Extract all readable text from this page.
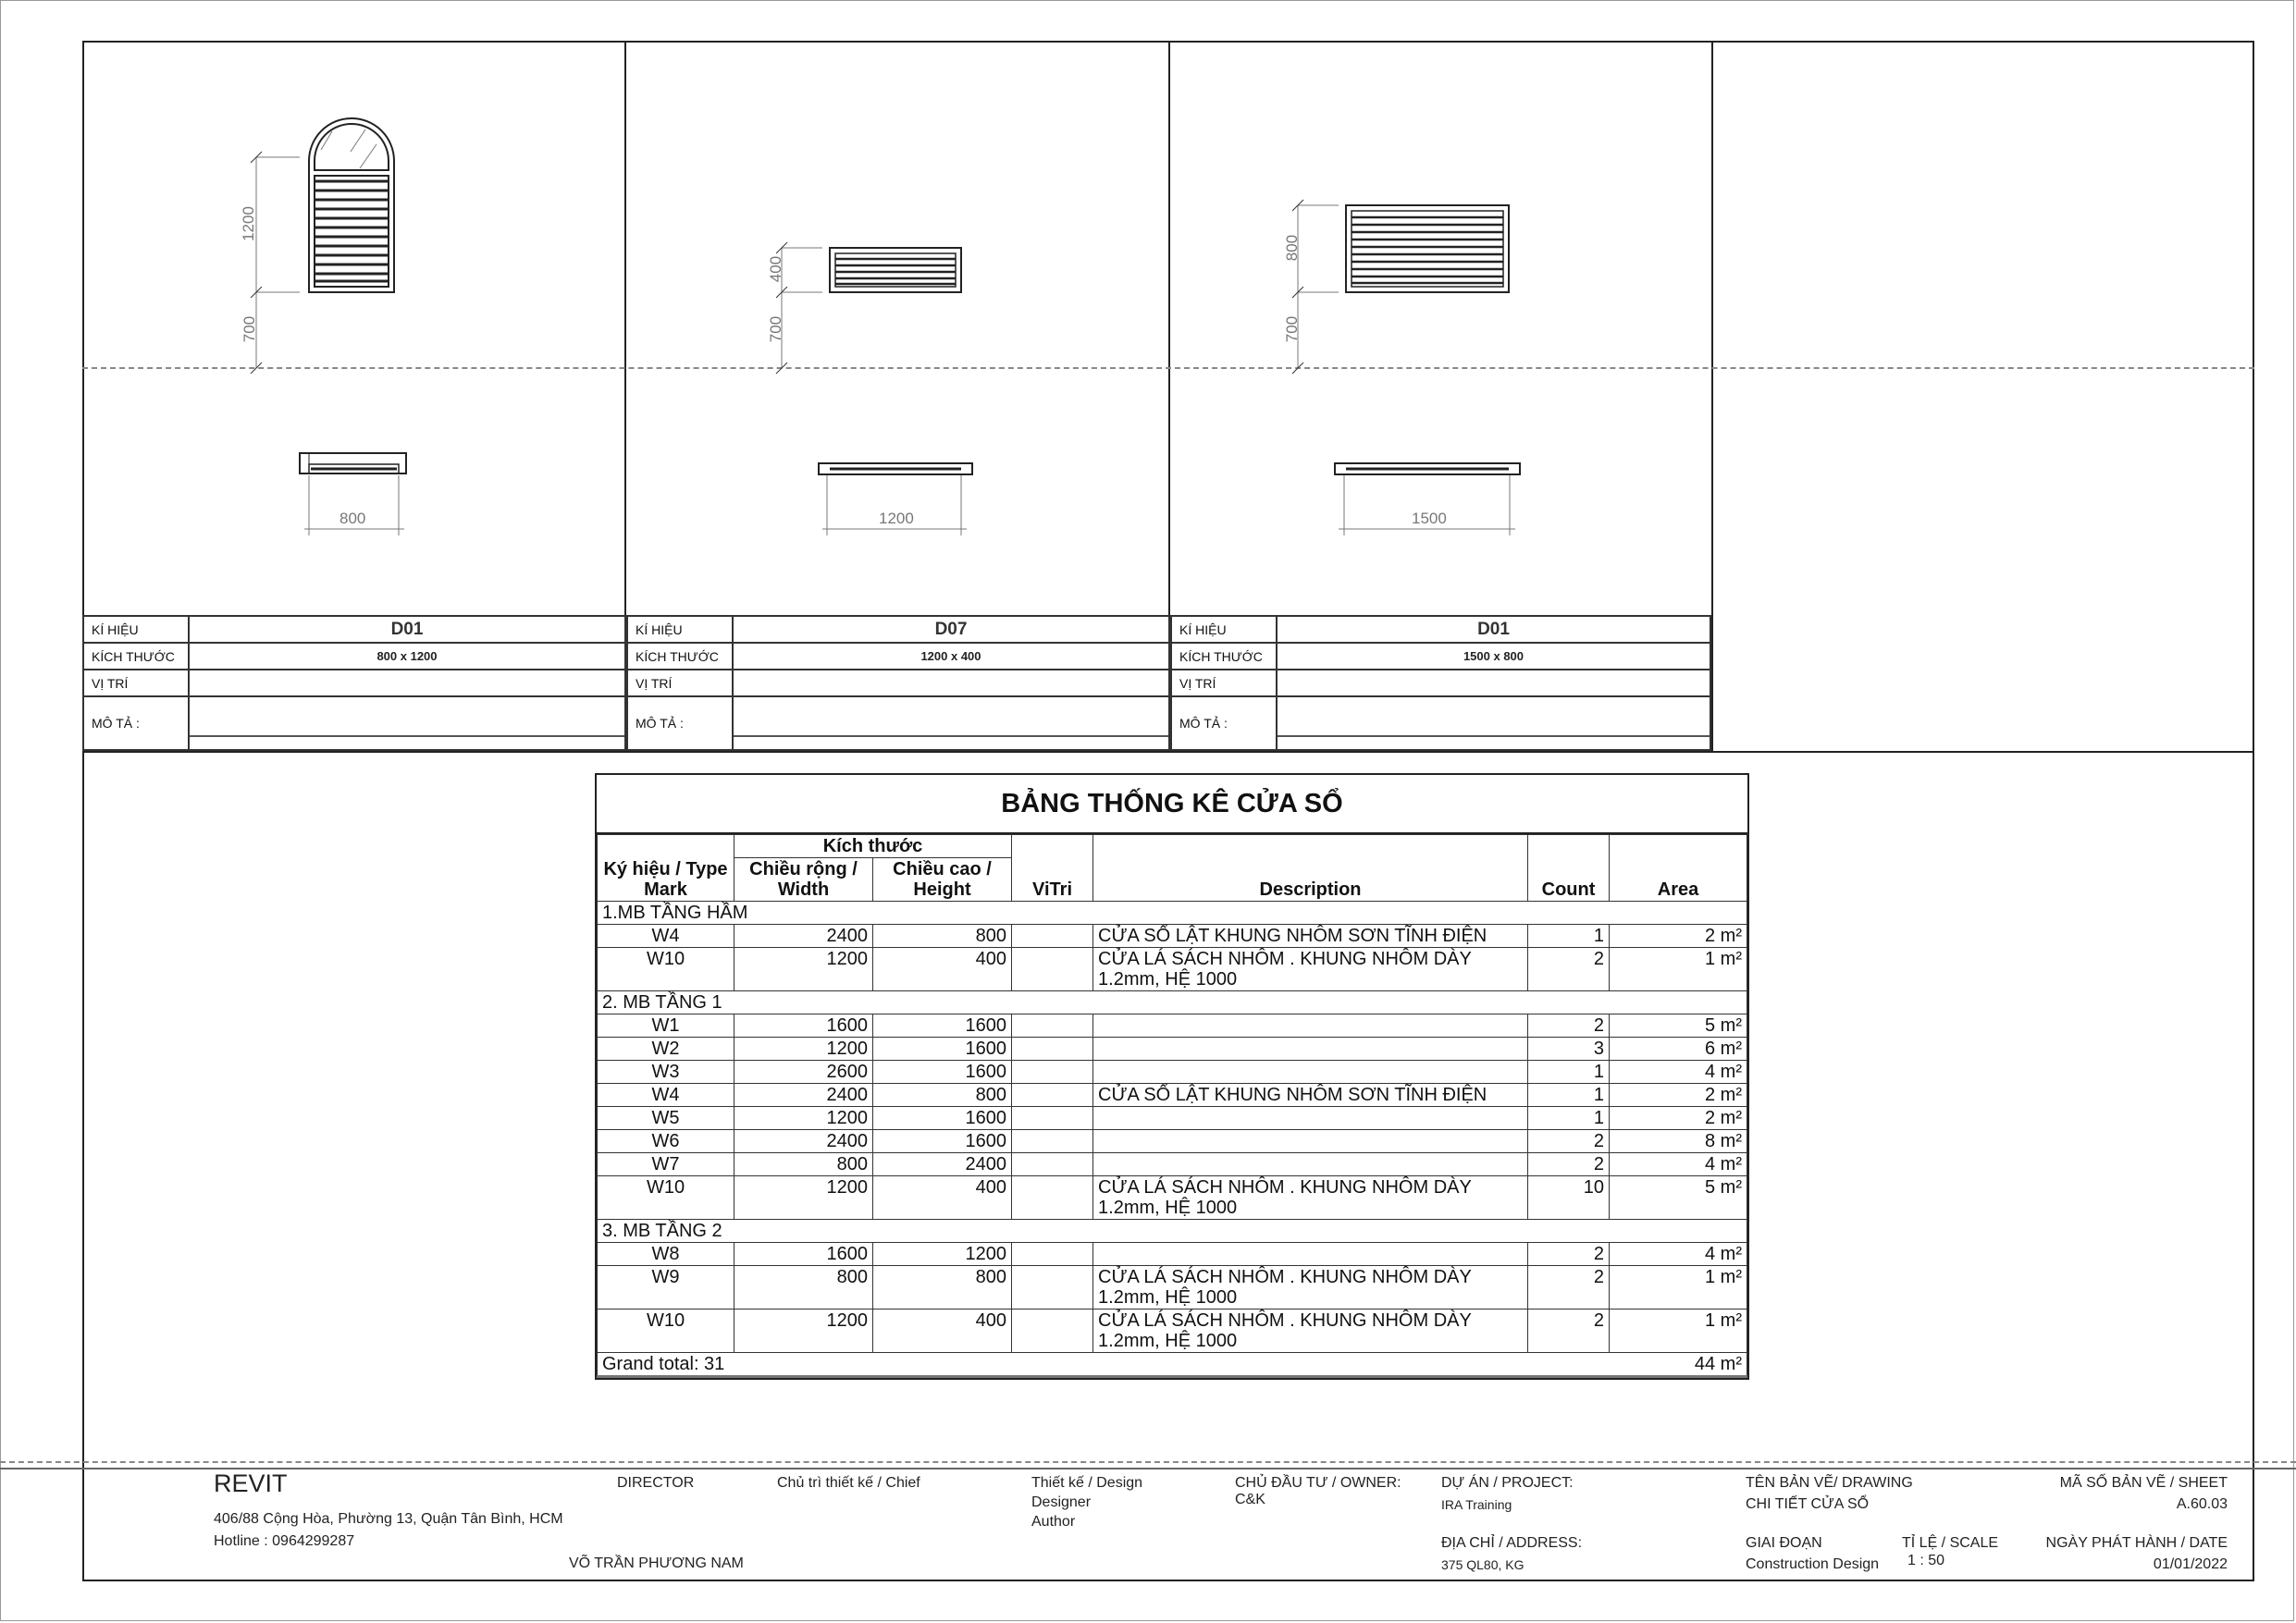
1200
700
800
400
700
1200
800
700
1500
KÍ HIỆU	D01
KÍCH THƯỚC	800 x 1200
VỊ TRÍ	
MÔ TẢ :	
KÍ HIỆU	D07
KÍCH THƯỚC	1200 x 400
VỊ TRÍ	
MÔ TẢ :	
KÍ HIỆU	D01
KÍCH THƯỚC	1500 x 800
VỊ TRÍ	
MÔ TẢ :	
BẢNG THỐNG KÊ CỬA SỔ
Ký hiệu / Type Mark	Kích thước		ViTri	Description	Count	Area
	Chiều rộng / Width	Chiều cao / Height				
1.MB TẦNG HẦM						
W4	2400	800		CỬA SỔ LẬT KHUNG NHÔM SƠN TĨNH ĐIỆN	1	2 m²
W10	1200	400		CỬA LÁ SÁCH NHÔM . KHUNG NHÔM DÀY 1.2mm, HỆ 1000	2	1 m²
2. MB TẦNG 1						
W1	1600	1600			2	5 m²
W2	1200	1600			3	6 m²
W3	2600	1600			1	4 m²
W4	2400	800		CỬA SỔ LẬT KHUNG NHÔM SƠN TĨNH ĐIỆN	1	2 m²
W5	1200	1600			1	2 m²
W6	2400	1600			2	8 m²
W7	800	2400			2	4 m²
W10	1200	400		CỬA LÁ SÁCH NHÔM . KHUNG NHÔM DÀY 1.2mm, HỆ 1000	10	5 m²
3. MB TẦNG 2						
W8	1600	1200			2	4 m²
W9	800	800		CỬA LÁ SÁCH NHÔM . KHUNG NHÔM DÀY 1.2mm, HỆ 1000	2	1 m²
W10	1200	400		CỬA LÁ SÁCH NHÔM . KHUNG NHÔM DÀY 1.2mm, HỆ 1000	2	1 m²
Grand total: 31						44 m²
REVIT
406/88 Cộng Hòa, Phường 13, Quận Tân Bình, HCM
Hotline : 0964299287
DIRECTOR
VÕ TRẦN PHƯƠNG NAM
Chủ trì thiết kế / Chief	Thiết kế / Design
Designer
Author
CHỦ ĐẦU TƯ / OWNER:
C&K
DỰ ÁN / PROJECT:
IRA Training
ĐỊA CHỈ / ADDRESS:
375 QL80, KG
TÊN BẢN VẼ/ DRAWING
CHI TIẾT CỬA SỔ
GIAI ĐOẠN
Construction Design
TỈ LỆ / SCALE
1 : 50
MÃ SỐ BẢN VẼ / SHEET
A.60.03
NGÀY PHÁT HÀNH / DATE
01/01/2022
